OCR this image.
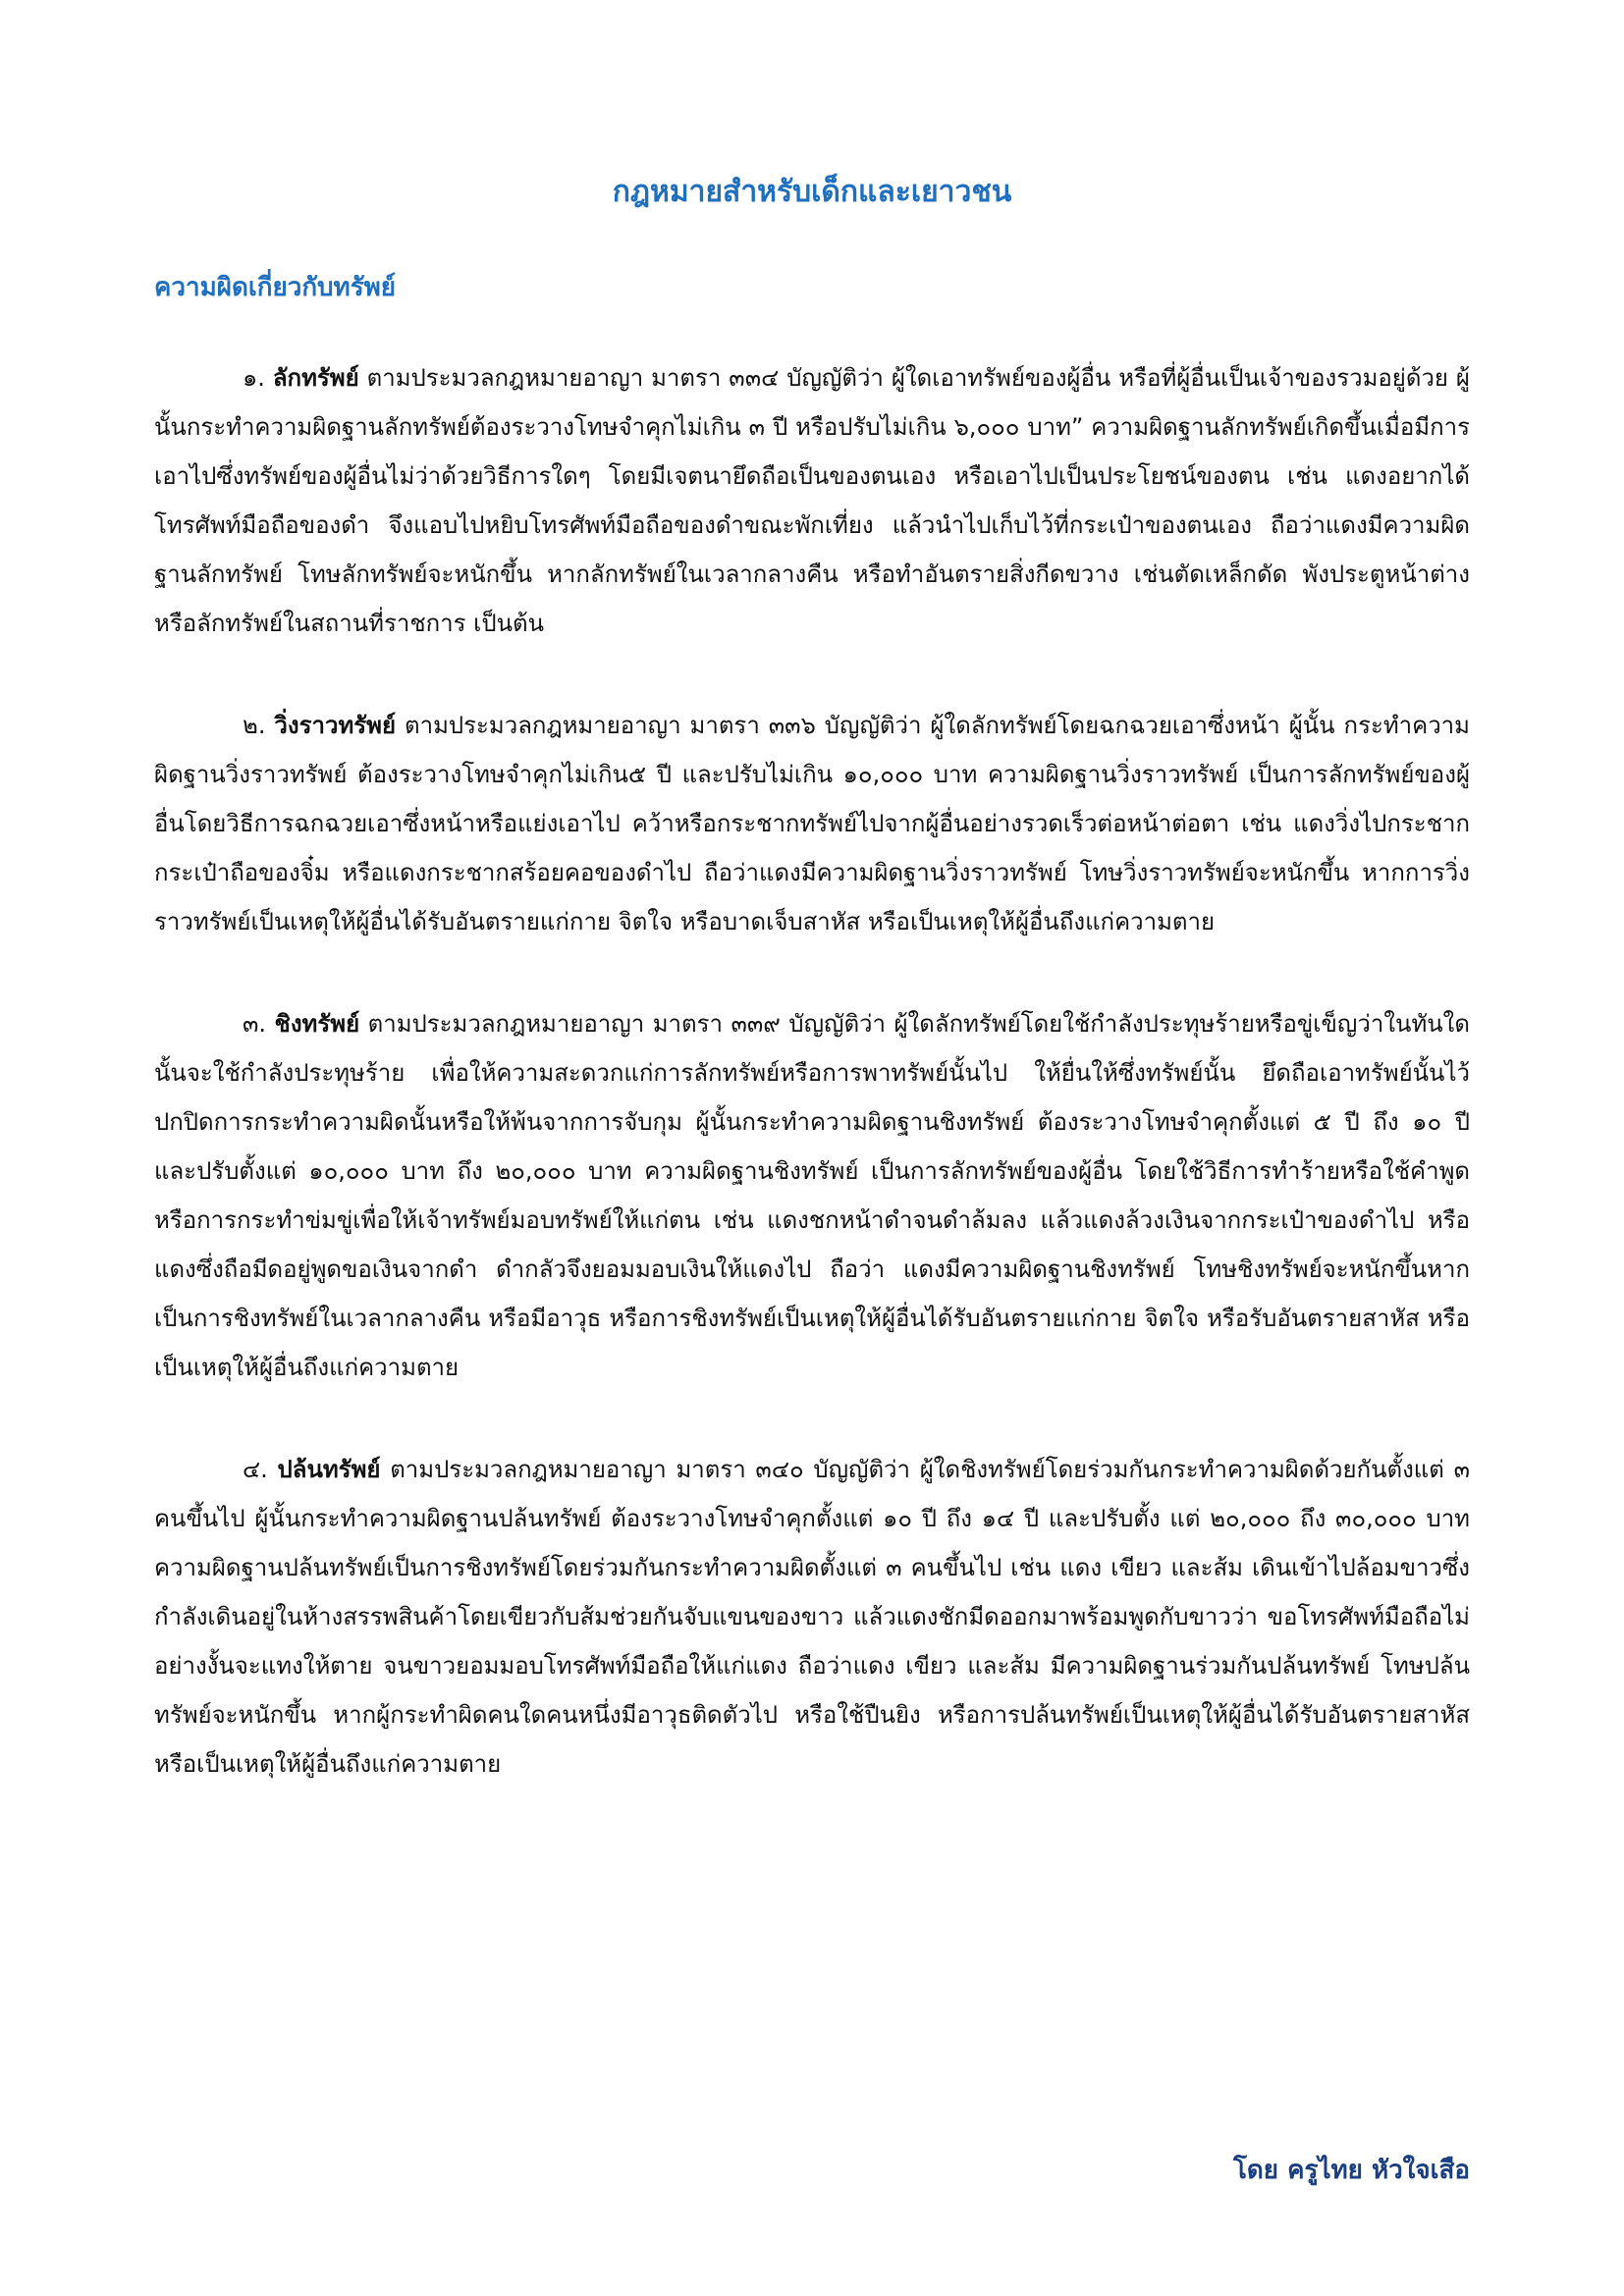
กฎหมายสำหรับเด็กและเยาวชน
ความผิดเกี่ยวกับทรัพย์

๑. ลักทรัพย์ ตามประมวลกฎหมายอาญา มาตรา ๓๓๔ บัญญัติว่า ผู้ใดเอาทรัพย์ของผู้อื่น หรือที่ผู้อื่นเป็นเจ้าของรวมอยู่ด้วย ผู้นั้นกระทำความผิดฐานลักทรัพย์ต้องระวางโทษจำคุกไม่เกิน ๓ ปี หรือปรับไม่เกิน ๖,๐๐๐ บาท” ความผิดฐานลักทรัพย์เกิดขึ้นเมื่อมีการเอาไปซึ่งทรัพย์ของผู้อื่นไม่ว่าด้วยวิธีการใดๆ โดยมีเจตนายึดถือเป็นของตนเอง หรือเอาไปเป็นประโยชน์ของตน เช่น แดงอยากได้โทรศัพท์มือถือของดำ จึงแอบไปหยิบโทรศัพท์มือถือของดำขณะพักเที่ยง แล้วนำไปเก็บไว้ที่กระเป๋าของตนเอง ถือว่าแดงมีความผิดฐานลักทรัพย์ โทษลักทรัพย์จะหนักขึ้น หากลักทรัพย์ในเวลากลางคืน หรือทำอันตรายสิ่งกีดขวาง เช่นตัดเหล็กดัด พังประตูหน้าต่าง หรือลักทรัพย์ในสถานที่ราชการ เป็นต้น

๒. วิ่งราวทรัพย์ ตามประมวลกฎหมายอาญา มาตรา ๓๓๖ บัญญัติว่า ผู้ใดลักทรัพย์โดยฉกฉวยเอาซึ่งหน้า ผู้นั้น กระทำความผิดฐานวิ่งราวทรัพย์ ต้องระวางโทษจำคุกไม่เกิน๕ ปี และปรับไม่เกิน ๑๐,๐๐๐ บาท ความผิดฐานวิ่งราวทรัพย์ เป็นการลักทรัพย์ของผู้อื่นโดยวิธีการฉกฉวยเอาซึ่งหน้าหรือแย่งเอาไป คว้าหรือกระชากทรัพย์ไปจากผู้อื่นอย่างรวดเร็วต่อหน้าต่อตา เช่น แดงวิ่งไปกระชากกระเป๋าถือของจิ๋ม หรือแดงกระชากสร้อยคอของดำไป ถือว่าแดงมีความผิดฐานวิ่งราวทรัพย์ โทษวิ่งราวทรัพย์จะหนักขึ้น หากการวิ่งราวทรัพย์เป็นเหตุให้ผู้อื่นได้รับอันตรายแก่กาย จิตใจ หรือบาดเจ็บสาหัส หรือเป็นเหตุให้ผู้อื่นถึงแก่ความตาย

๓. ชิงทรัพย์ ตามประมวลกฎหมายอาญา มาตรา ๓๓๙ บัญญัติว่า ผู้ใดลักทรัพย์โดยใช้กำลังประทุษร้ายหรือขู่เข็ญว่าในทันใดนั้นจะใช้กำลังประทุษร้าย เพื่อให้ความสะดวกแก่การลักทรัพย์หรือการพาทรัพย์นั้นไป ให้ยื่นให้ซึ่งทรัพย์นั้น ยึดถือเอาทรัพย์นั้นไว้ ปกปิดการกระทำความผิดนั้นหรือให้พ้นจากการจับกุม ผู้นั้นกระทำความผิดฐานชิงทรัพย์ ต้องระวางโทษจำคุกตั้งแต่ ๕ ปี ถึง ๑๐ ปีและปรับตั้งแต่ ๑๐,๐๐๐ บาท ถึง ๒๐,๐๐๐ บาท ความผิดฐานชิงทรัพย์ เป็นการลักทรัพย์ของผู้อื่น โดยใช้วิธีการทำร้ายหรือใช้คำพูดหรือการกระทำข่มขู่เพื่อให้เจ้าทรัพย์มอบทรัพย์ให้แก่ตน เช่น แดงชกหน้าดำจนดำล้มลง แล้วแดงล้วงเงินจากกระเป๋าของดำไป หรือแดงซึ่งถือมีดอยู่พูดขอเงินจากดำ ดำกลัวจึงยอมมอบเงินให้แดงไป ถือว่า แดงมีความผิดฐานชิงทรัพย์ โทษชิงทรัพย์จะหนักขึ้นหากเป็นการชิงทรัพย์ในเวลากลางคืน หรือมีอาวุธ หรือการชิงทรัพย์เป็นเหตุให้ผู้อื่นได้รับอันตรายแก่กาย จิตใจ หรือรับอันตรายสาหัส หรือเป็นเหตุให้ผู้อื่นถึงแก่ความตาย

๔. ปล้นทรัพย์ ตามประมวลกฎหมายอาญา มาตรา ๓๔๐ บัญญัติว่า ผู้ใดชิงทรัพย์โดยร่วมกันกระทำความผิดด้วยกันตั้งแต่ ๓ คนขึ้นไป ผู้นั้นกระทำความผิดฐานปล้นทรัพย์ ต้องระวางโทษจำคุกตั้งแต่ ๑๐ ปี ถึง ๑๔ ปี และปรับตั้ง แต่ ๒๐,๐๐๐ ถึง ๓๐,๐๐๐ บาท ความผิดฐานปล้นทรัพย์เป็นการชิงทรัพย์โดยร่วมกันกระทำความผิดตั้งแต่ ๓ คนขึ้นไป เช่น แดง เขียว และส้ม เดินเข้าไปล้อมขาวซึ่งกำลังเดินอยู่ในห้างสรรพสินค้าโดยเขียวกับส้มช่วยกันจับแขนของขาว แล้วแดงชักมีดออกมาพร้อมพูดกับขาวว่า ขอโทรศัพท์มือถือไม่อย่างงั้นจะแทงให้ตาย จนขาวยอมมอบโทรศัพท์มือถือให้แก่แดง ถือว่าแดง เขียว และส้ม มีความผิดฐานร่วมกันปล้นทรัพย์ โทษปล้นทรัพย์จะหนักขึ้น หากผู้กระทำผิดคนใดคนหนึ่งมีอาวุธติดตัวไป หรือใช้ปืนยิง หรือการปล้นทรัพย์เป็นเหตุให้ผู้อื่นได้รับอันตรายสาหัสหรือเป็นเหตุให้ผู้อื่นถึงแก่ความตาย

โดย ครูไทย หัวใจเสือ
